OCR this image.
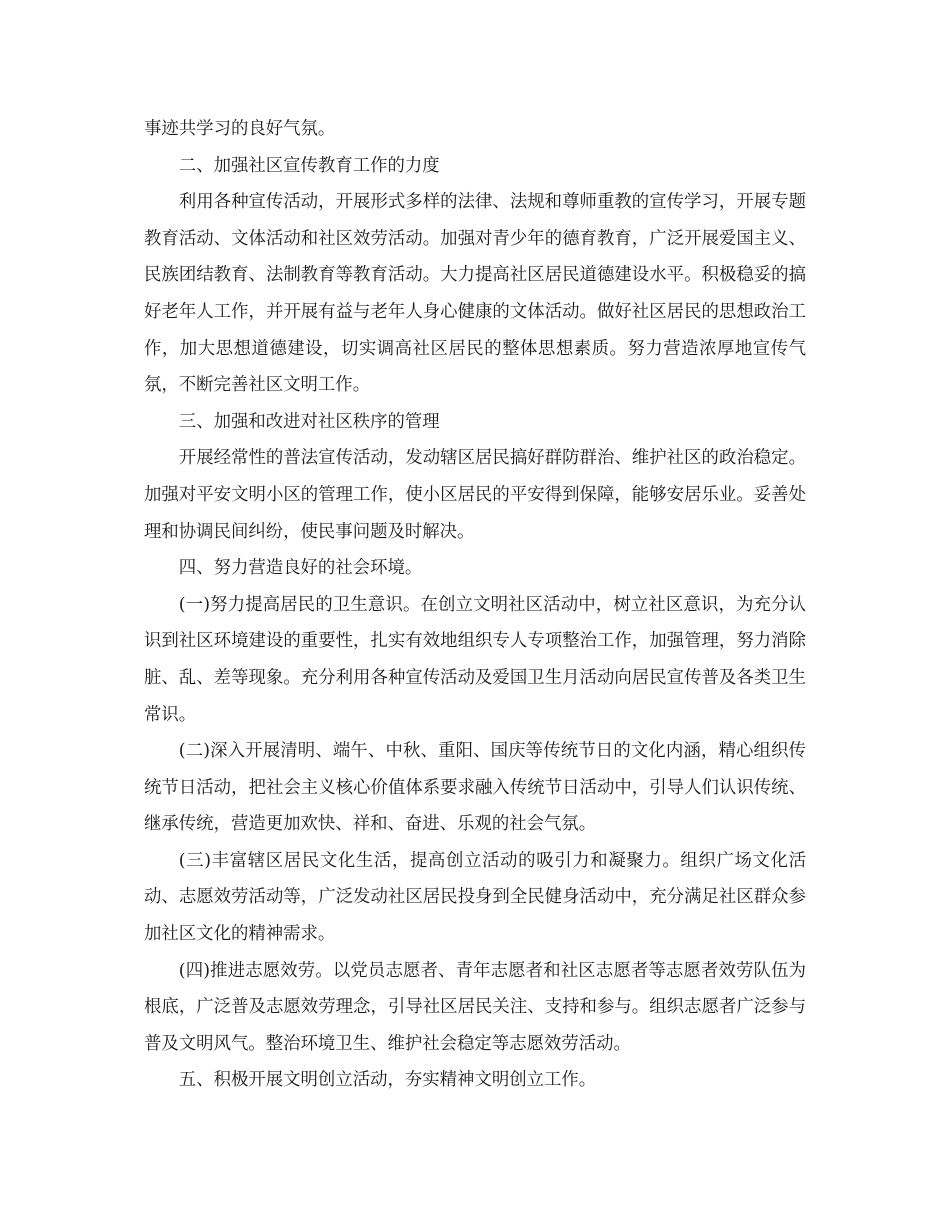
事迹共学习的良好气氛。

二、加强社区宣传教育工作的力度

利用各种宣传活动，开展形式多样的法律、法规和尊师重教的宣传学习，开展专题教育活动、文体活动和社区效劳活动。加强对青少年的德育教育，广泛开展爱国主义、民族团结教育、法制教育等教育活动。大力提高社区居民道德建设水平。积极稳妥的搞好老年人工作，并开展有益与老年人身心健康的文体活动。做好社区居民的思想政治工作，加大思想道德建设，切实调高社区居民的整体思想素质。努力营造浓厚地宣传气氛，不断完善社区文明工作。

三、加强和改进对社区秩序的管理

开展经常性的普法宣传活动，发动辖区居民搞好群防群治、维护社区的政治稳定。加强对平安文明小区的管理工作，使小区居民的平安得到保障，能够安居乐业。妥善处理和协调民间纠纷，使民事问题及时解决。

四、努力营造良好的社会环境。

(一)努力提高居民的卫生意识。在创立文明社区活动中，树立社区意识，为充分认识到社区环境建设的重要性，扎实有效地组织专人专项整治工作，加强管理，努力消除脏、乱、差等现象。充分利用各种宣传活动及爱国卫生月活动向居民宣传普及各类卫生常识。

(二)深入开展清明、端午、中秋、重阳、国庆等传统节日的文化内涵，精心组织传统节日活动，把社会主义核心价值体系要求融入传统节日活动中，引导人们认识传统、继承传统，营造更加欢快、祥和、奋进、乐观的社会气氛。

(三)丰富辖区居民文化生活，提高创立活动的吸引力和凝聚力。组织广场文化活动、志愿效劳活动等，广泛发动社区居民投身到全民健身活动中，充分满足社区群众参加社区文化的精神需求。

(四)推进志愿效劳。以党员志愿者、青年志愿者和社区志愿者等志愿者效劳队伍为根底，广泛普及志愿效劳理念，引导社区居民关注、支持和参与。组织志愿者广泛参与普及文明风气。整治环境卫生、维护社会稳定等志愿效劳活动。

五、积极开展文明创立活动，夯实精神文明创立工作。
